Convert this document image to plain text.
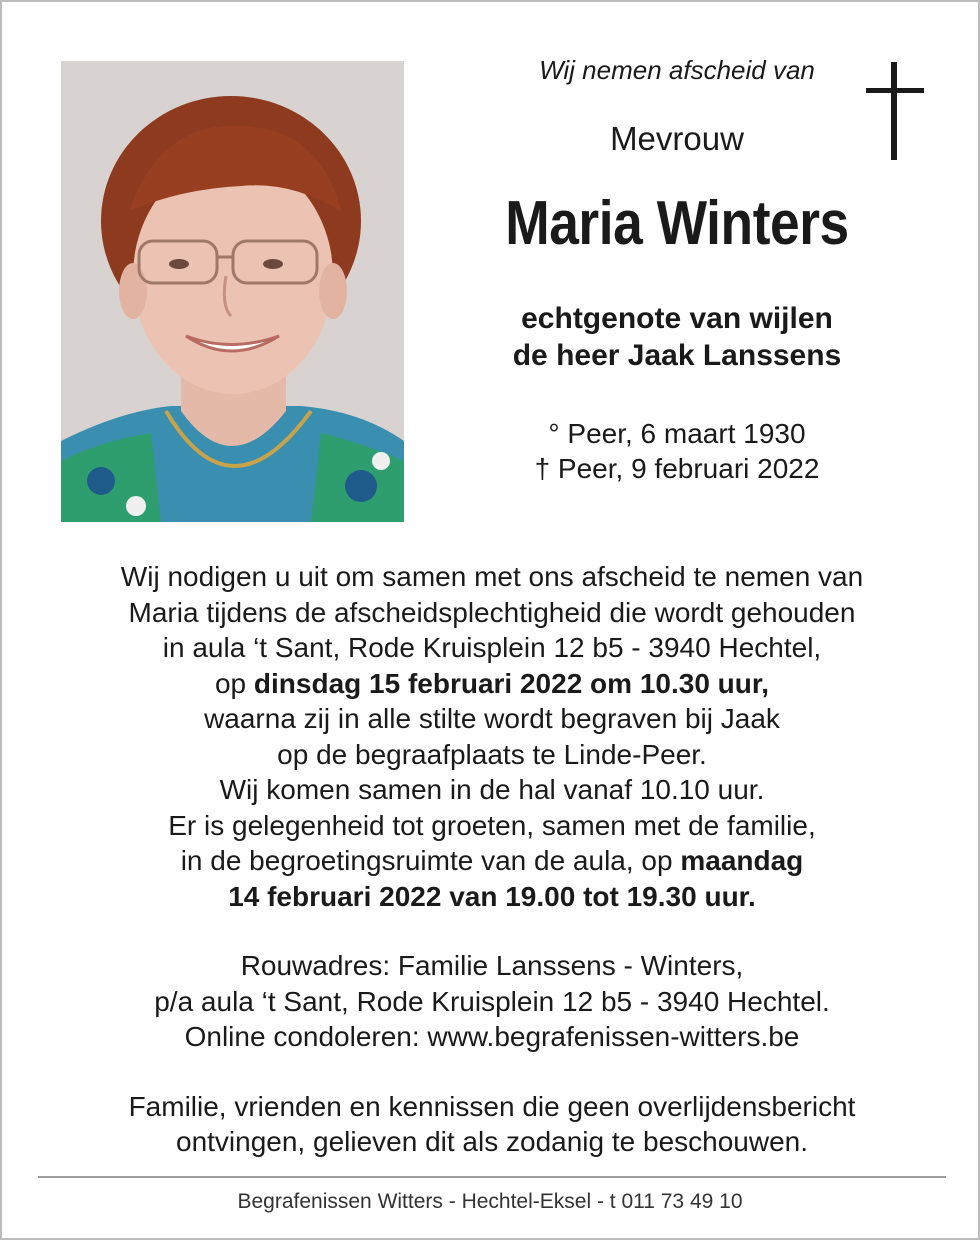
Wij nemen afscheid van
Mevrouw
Maria Winters
echtgenote van wijlen
de heer Jaak Lanssens
° Peer, 6 maart 1930
† Peer, 9 februari 2022
Wij nodigen u uit om samen met ons afscheid te nemen van
Maria tijdens de afscheidsplechtigheid die wordt gehouden
in aula ‘t Sant, Rode Kruisplein 12 b5 - 3940 Hechtel,
op dinsdag 15 februari 2022 om 10.30 uur,
waarna zij in alle stilte wordt begraven bij Jaak
op de begraafplaats te Linde-Peer.
Wij komen samen in de hal vanaf 10.10 uur.
Er is gelegenheid tot groeten, samen met de familie,
in de begroetingsruimte van de aula, op maandag
14 februari 2022 van 19.00 tot 19.30 uur.
Rouwadres: Familie Lanssens - Winters,
p/a aula ‘t Sant, Rode Kruisplein 12 b5 - 3940 Hechtel.
Online condoleren: www.begrafenissen-witters.be
Familie, vrienden en kennissen die geen overlijdensbericht
ontvingen, gelieven dit als zodanig te beschouwen.
Begrafenissen Witters - Hechtel-Eksel - t 011 73 49 10
